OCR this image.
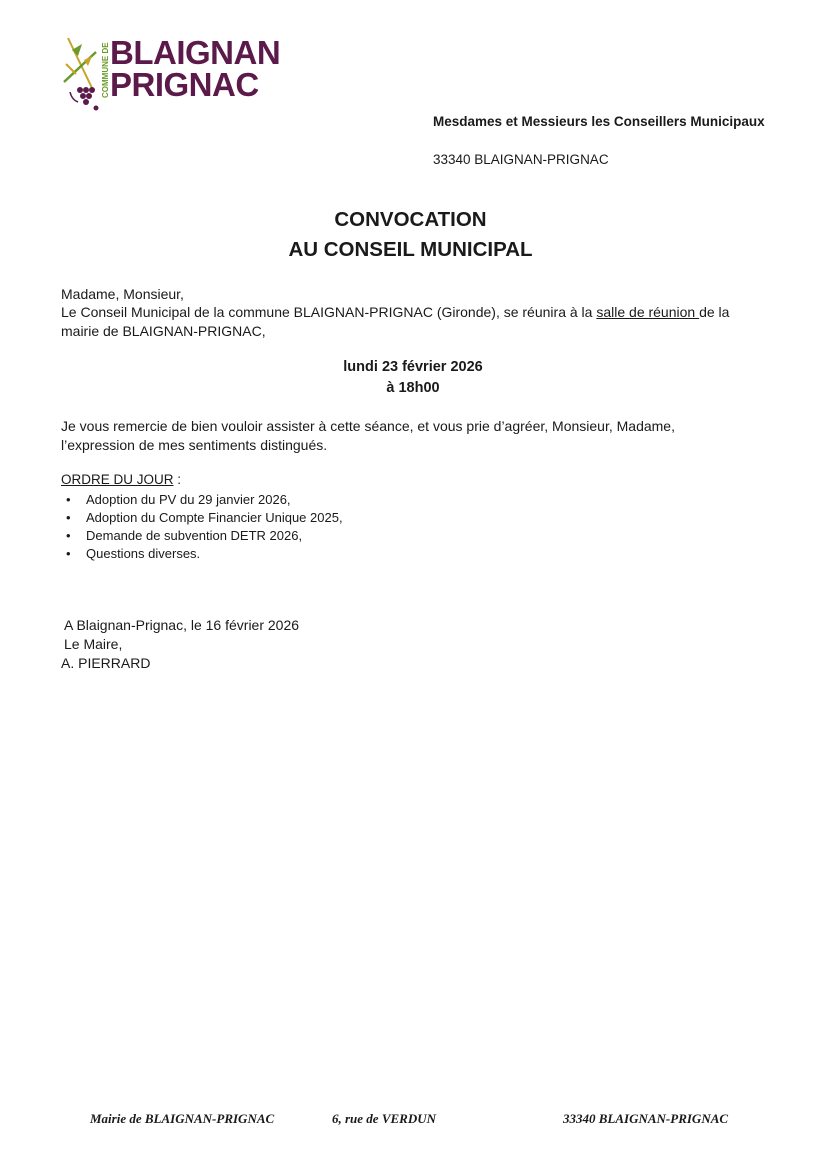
COMMUNE DE BLAIGNAN
PRIGNAC
Mesdames et Messieurs les Conseillers Municipaux
33340 BLAIGNAN-PRIGNAC
CONVOCATION
AU CONSEIL MUNICIPAL
Madame, Monsieur,
Le Conseil Municipal de la commune BLAIGNAN-PRIGNAC (Gironde), se réunira à la salle de réunion de la
mairie de BLAIGNAN-PRIGNAC,
lundi 23 février 2026
à 18h00
Je vous remercie de bien vouloir assister à cette séance, et vous prie d’agréer, Monsieur, Madame,
l’expression de mes sentiments distingués.
ORDRE DU JOUR :
• Adoption du PV du 29 janvier 2026,
• Adoption du Compte Financier Unique 2025,
• Demande de subvention DETR 2026,
• Questions diverses.
A Blaignan-Prignac, le 16 février 2026
Le Maire,
A. PIERRARD
Mairie de BLAIGNAN-PRIGNAC	6, rue de VERDUN	33340 BLAIGNAN-PRIGNAC
